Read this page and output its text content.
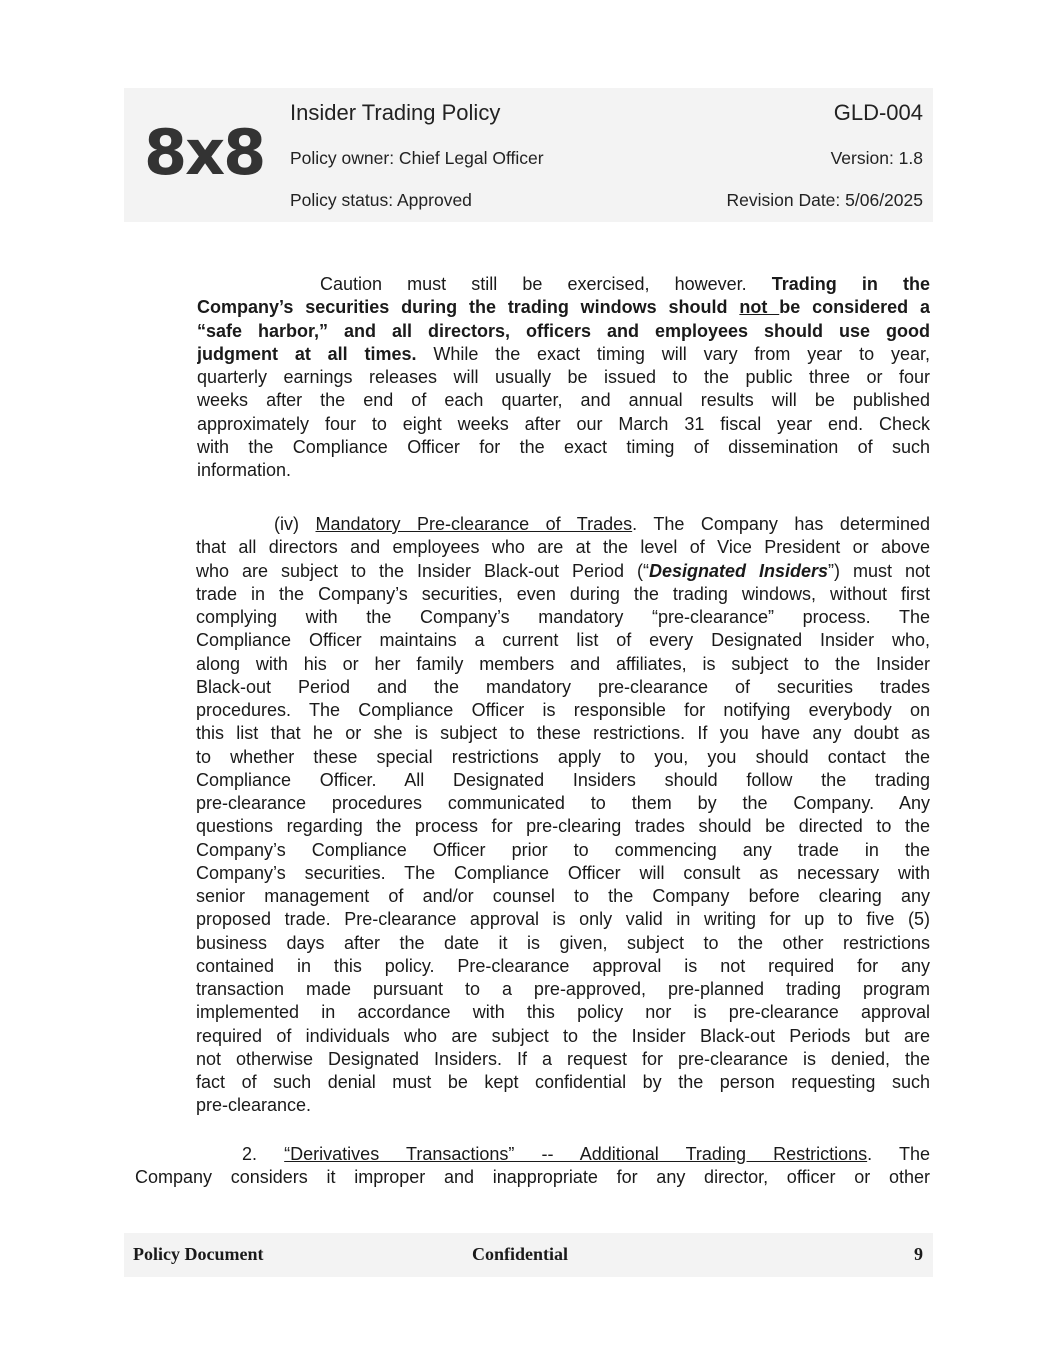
8x8
Insider Trading Policy	GLD-004
Policy owner: Chief Legal Officer	Version: 1.8
Policy status: Approved	Revision Date: 5/06/2025
Caution must still be exercised, however. Trading in the
Company’s securities during the trading windows should not be considered a
“safe harbor,” and all directors, officers and employees should use good
judgment at all times. While the exact timing will vary from year to year,
quarterly earnings releases will usually be issued to the public three or four
weeks after the end of each quarter, and annual results will be published
approximately four to eight weeks after our March 31 fiscal year end. Check
with the Compliance Officer for the exact timing of dissemination of such
information.
(iv) Mandatory Pre-clearance of Trades. The Company has determined
that all directors and employees who are at the level of Vice President or above
who are subject to the Insider Black-out Period (“Designated Insiders”) must not
trade in the Company’s securities, even during the trading windows, without first
complying with the Company’s mandatory “pre-clearance” process. The
Compliance Officer maintains a current list of every Designated Insider who,
along with his or her family members and affiliates, is subject to the Insider
Black-out Period and the mandatory pre-clearance of securities trades
procedures. The Compliance Officer is responsible for notifying everybody on
this list that he or she is subject to these restrictions. If you have any doubt as
to whether these special restrictions apply to you, you should contact the
Compliance Officer. All Designated Insiders should follow the trading
pre-clearance procedures communicated to them by the Company. Any
questions regarding the process for pre-clearing trades should be directed to the
Company’s Compliance Officer prior to commencing any trade in the
Company’s securities. The Compliance Officer will consult as necessary with
senior management of and/or counsel to the Company before clearing any
proposed trade. Pre-clearance approval is only valid in writing for up to five (5)
business days after the date it is given, subject to the other restrictions
contained in this policy. Pre-clearance approval is not required for any
transaction made pursuant to a pre-approved, pre-planned trading program
implemented in accordance with this policy nor is pre-clearance approval
required of individuals who are subject to the Insider Black-out Periods but are
not otherwise Designated Insiders. If a request for pre-clearance is denied, the
fact of such denial must be kept confidential by the person requesting such
pre-clearance.
2. “Derivatives Transactions” -- Additional Trading Restrictions. The
Company considers it improper and inappropriate for any director, officer or other
Policy Document	Confidential	9
